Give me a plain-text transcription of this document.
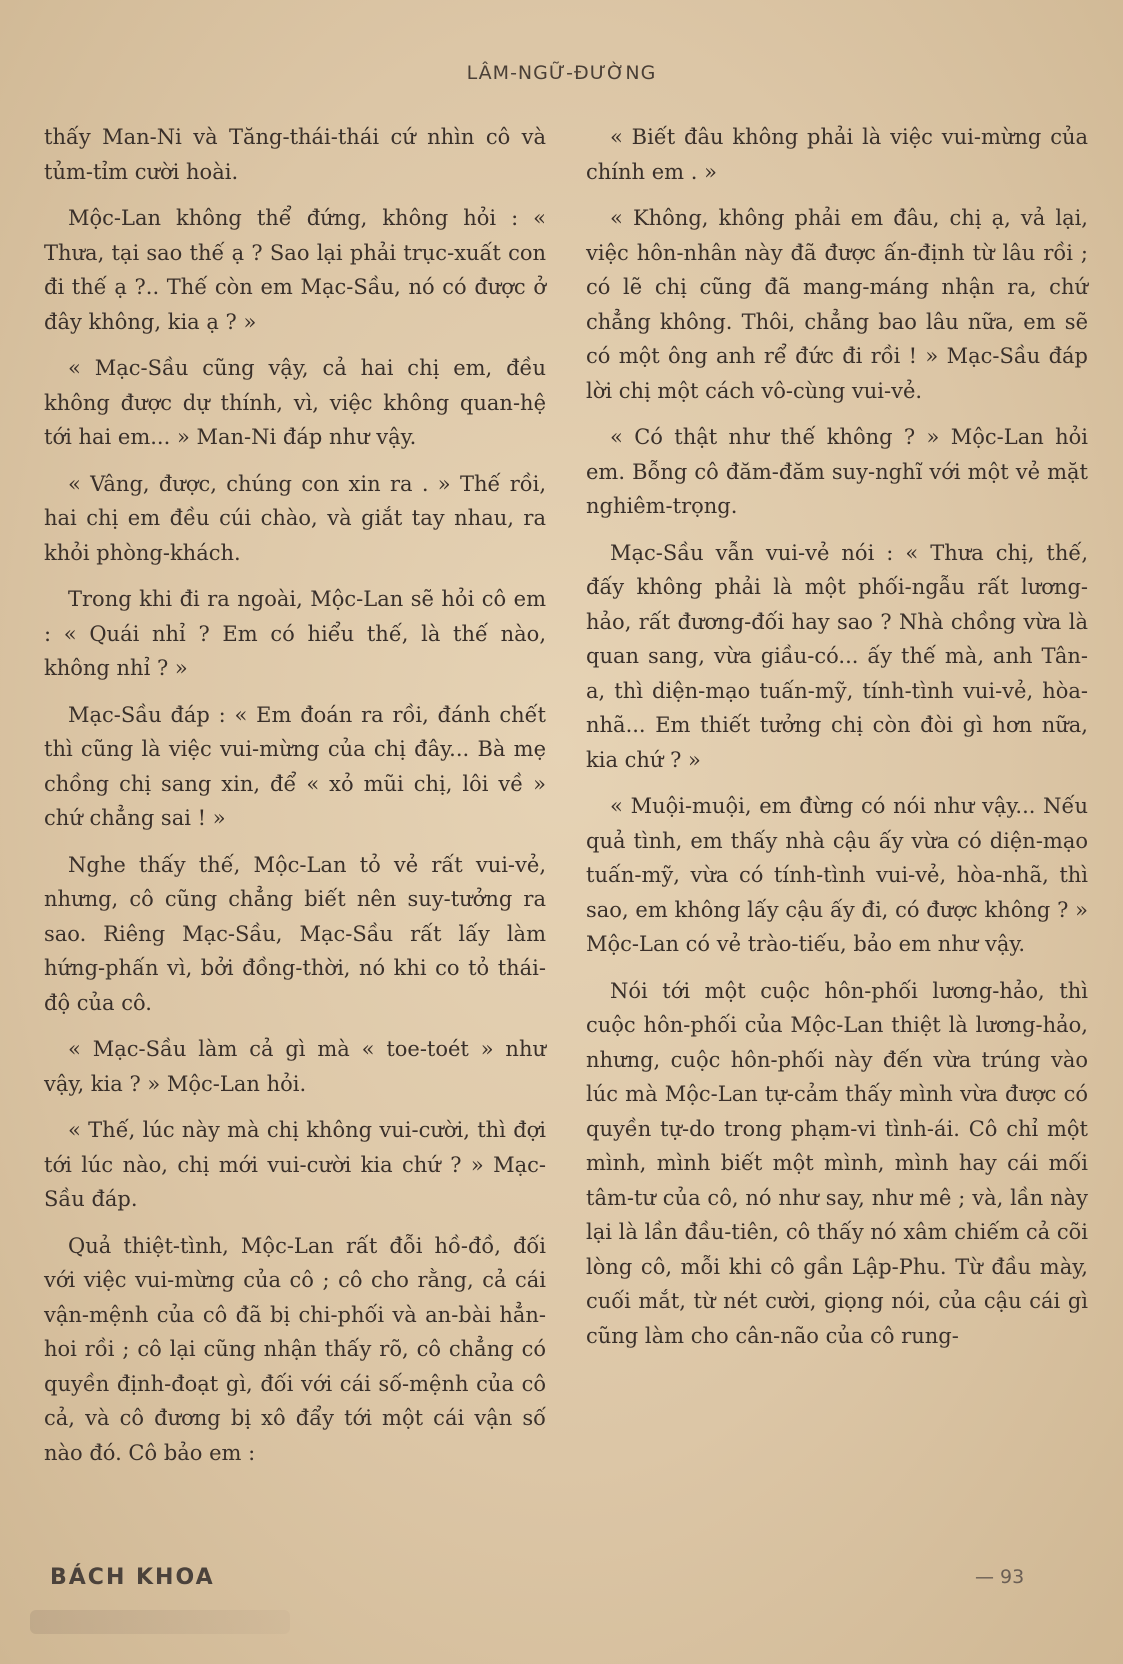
LÂM-NGỮ-ĐƯỜNG

thấy Man-Ni và Tăng-thái-thái cứ nhìn cô và tủm-tỉm cười hoài.

Mộc-Lan không thể đứng, không hỏi : « Thưa, tại sao thế ạ ? Sao lại phải trục-xuất con đi thế ạ ?.. Thế còn em Mạc-Sầu, nó có được ở đây không, kia ạ ? »

« Mạc-Sầu cũng vậy, cả hai chị em, đều không được dự thính, vì, việc không quan-hệ tới hai em... » Man-Ni đáp như vậy.

« Vâng, được, chúng con xin ra . » Thế rồi, hai chị em đều cúi chào, và giắt tay nhau, ra khỏi phòng-khách.

Trong khi đi ra ngoài, Mộc-Lan sẽ hỏi cô em : « Quái nhỉ ? Em có hiểu thế, là thế nào, không nhỉ ? »

Mạc-Sầu đáp : « Em đoán ra rồi, đánh chết thì cũng là việc vui-mừng của chị đây... Bà mẹ chồng chị sang xin, để « xỏ mũi chị, lôi về » chứ chẳng sai ! »

Nghe thấy thế, Mộc-Lan tỏ vẻ rất vui-vẻ, nhưng, cô cũng chẳng biết nên suy-tưởng ra sao. Riêng Mạc-Sầu, Mạc-Sầu rất lấy làm hứng-phấn vì, bởi đồng-thời, nó khi co tỏ thái-độ của cô.

« Mạc-Sầu làm cả gì mà « toe-toét » như vậy, kia ? » Mộc-Lan hỏi.

« Thế, lúc này mà chị không vui-cười, thì đợi tới lúc nào, chị mới vui-cười kia chứ ? » Mạc-Sầu đáp.

Quả thiệt-tình, Mộc-Lan rất đỗi hồ-đồ, đối với việc vui-mừng của cô ; cô cho rằng, cả cái vận-mệnh của cô đã bị chi-phối và an-bài hẳn-hoi rồi ; cô lại cũng nhận thấy rõ, cô chẳng có quyền định-đoạt gì, đối với cái số-mệnh của cô cả, và cô đương bị xô đẩy tới một cái vận số nào đó. Cô bảo em :

« Biết đâu không phải là việc vui-mừng của chính em . »

« Không, không phải em đâu, chị ạ, vả lại, việc hôn-nhân này đã được ấn-định từ lâu rồi ; có lẽ chị cũng đã mang-máng nhận ra, chứ chẳng không. Thôi, chẳng bao lâu nữa, em sẽ có một ông anh rể đức đi rồi ! » Mạc-Sầu đáp lời chị một cách vô-cùng vui-vẻ.

« Có thật như thế không ? » Mộc-Lan hỏi em. Bỗng cô đăm-đăm suy-nghĩ với một vẻ mặt nghiêm-trọng.

Mạc-Sầu vẫn vui-vẻ nói : « Thưa chị, thế, đấy không phải là một phối-ngẫu rất lương-hảo, rất đương-đối hay sao ? Nhà chồng vừa là quan sang, vừa giầu-có... ấy thế mà, anh Tân-a, thì diện-mạo tuấn-mỹ, tính-tình vui-vẻ, hòa-nhã... Em thiết tưởng chị còn đòi gì hơn nữa, kia chứ ? »

« Muội-muội, em đừng có nói như vậy... Nếu quả tình, em thấy nhà cậu ấy vừa có diện-mạo tuấn-mỹ, vừa có tính-tình vui-vẻ, hòa-nhã, thì sao, em không lấy cậu ấy đi, có được không ? » Mộc-Lan có vẻ trào-tiếu, bảo em như vậy.

Nói tới một cuộc hôn-phối lương-hảo, thì cuộc hôn-phối của Mộc-Lan thiệt là lương-hảo, nhưng, cuộc hôn-phối này đến vừa trúng vào lúc mà Mộc-Lan tự-cảm thấy mình vừa được có quyền tự-do trong phạm-vi tình-ái. Cô chỉ một mình, mình biết một mình, mình hay cái mối tâm-tư của cô, nó như say, như mê ; và, lần này lại là lần đầu-tiên, cô thấy nó xâm chiếm cả cõi lòng cô, mỗi khi cô gần Lập-Phu. Từ đầu mày, cuối mắt, từ nét cười, giọng nói, của cậu cái gì cũng làm cho cân-não của cô rung-

BÁCH KHOA	— 93
